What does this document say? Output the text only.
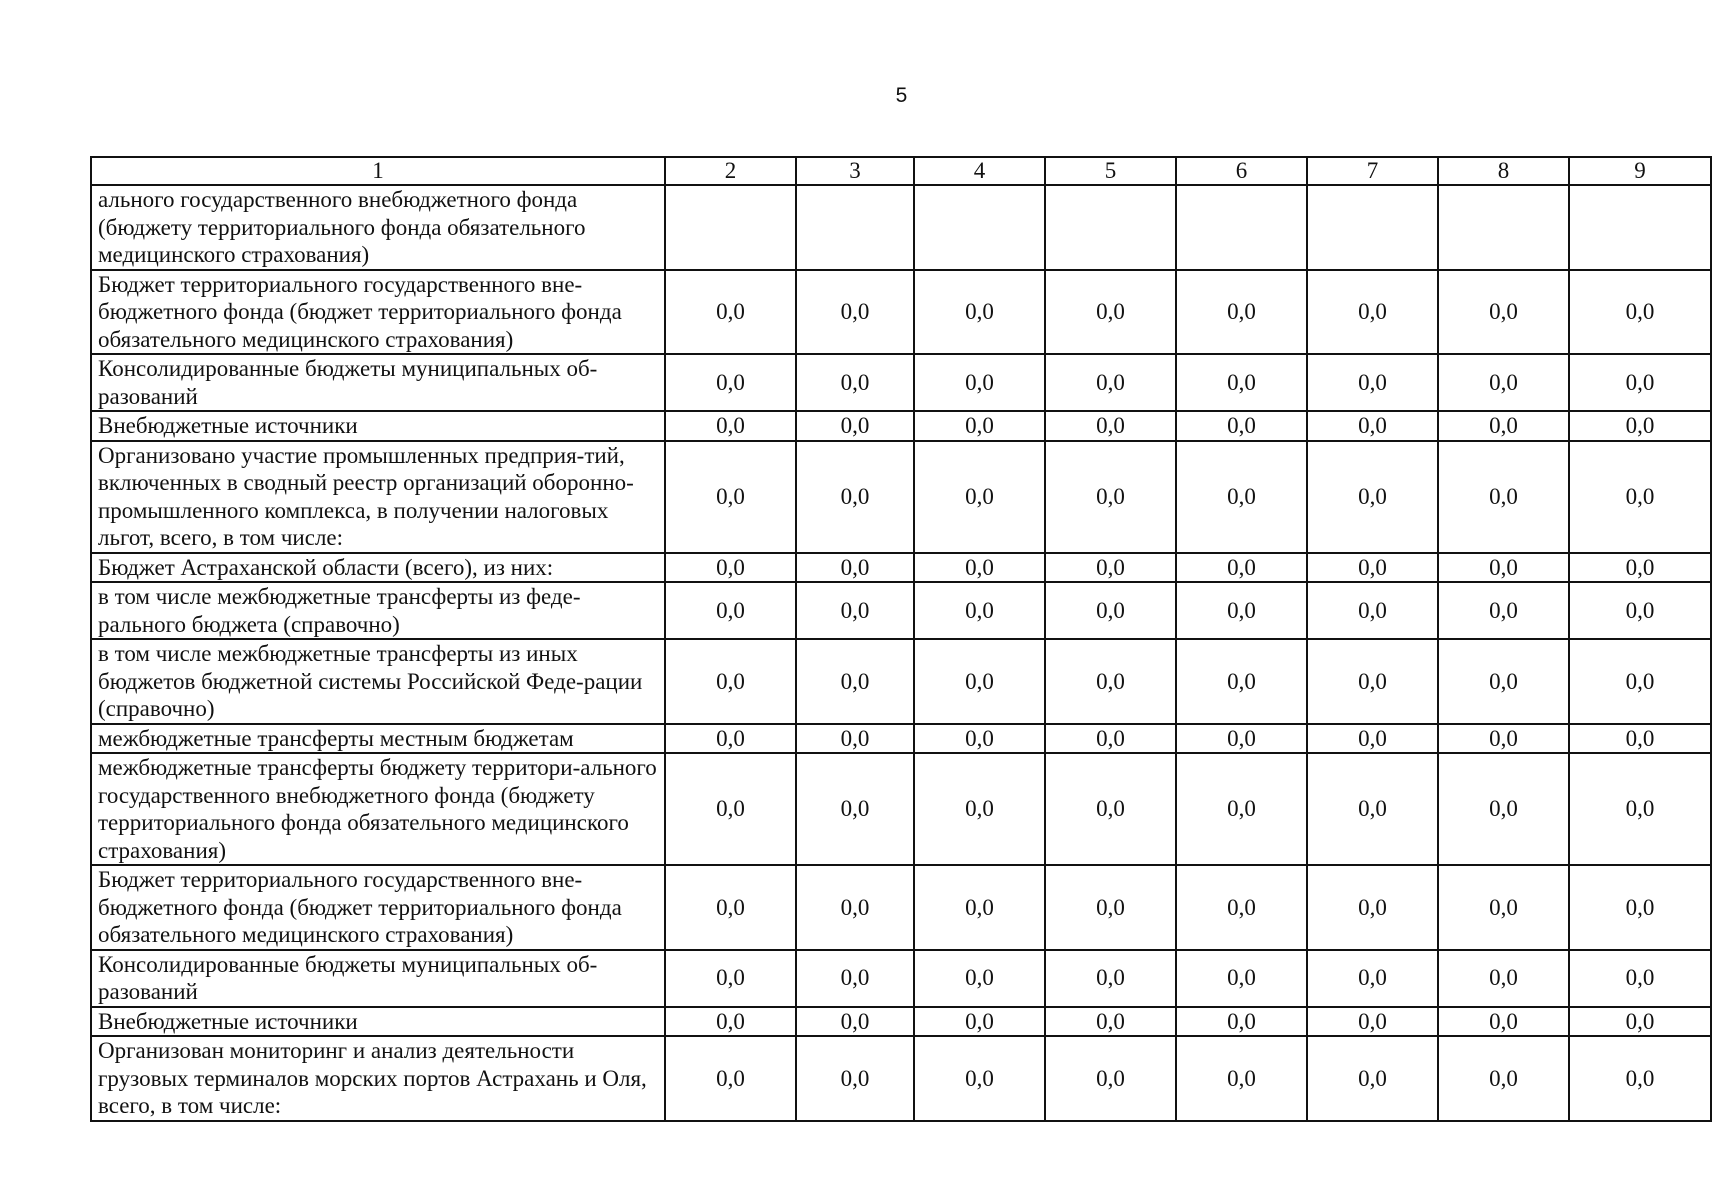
5
1	2	3	4	5	6	7	8	9
ального государственного внебюджетного фонда (бюджету территориального фонда обязательного медицинского страхования)								
Бюджет территориального государственного вне-бюджетного фонда (бюджет территориального фонда обязательного медицинского страхования)	0,0	0,0	0,0	0,0	0,0	0,0	0,0	0,0
Консолидированные бюджеты муниципальных об-разований	0,0	0,0	0,0	0,0	0,0	0,0	0,0	0,0
Внебюджетные источники	0,0	0,0	0,0	0,0	0,0	0,0	0,0	0,0
Организовано участие промышленных предприя-тий, включенных в сводный реестр организаций оборонно-промышленного комплекса, в получении налоговых льгот, всего, в том числе:	0,0	0,0	0,0	0,0	0,0	0,0	0,0	0,0
Бюджет Астраханской области (всего), из них:	0,0	0,0	0,0	0,0	0,0	0,0	0,0	0,0
в том числе межбюджетные трансферты из феде-рального бюджета (справочно)	0,0	0,0	0,0	0,0	0,0	0,0	0,0	0,0
в том числе межбюджетные трансферты из иных бюджетов бюджетной системы Российской Феде-рации (справочно)	0,0	0,0	0,0	0,0	0,0	0,0	0,0	0,0
межбюджетные трансферты местным бюджетам	0,0	0,0	0,0	0,0	0,0	0,0	0,0	0,0
межбюджетные трансферты бюджету территори-ального государственного внебюджетного фонда (бюджету территориального фонда обязательного медицинского страхования)	0,0	0,0	0,0	0,0	0,0	0,0	0,0	0,0
Бюджет территориального государственного вне-бюджетного фонда (бюджет территориального фонда обязательного медицинского страхования)	0,0	0,0	0,0	0,0	0,0	0,0	0,0	0,0
Консолидированные бюджеты муниципальных об-разований	0,0	0,0	0,0	0,0	0,0	0,0	0,0	0,0
Внебюджетные источники	0,0	0,0	0,0	0,0	0,0	0,0	0,0	0,0
Организован мониторинг и анализ деятельности грузовых терминалов морских портов Астрахань и Оля, всего, в том числе:	0,0	0,0	0,0	0,0	0,0	0,0	0,0	0,0
